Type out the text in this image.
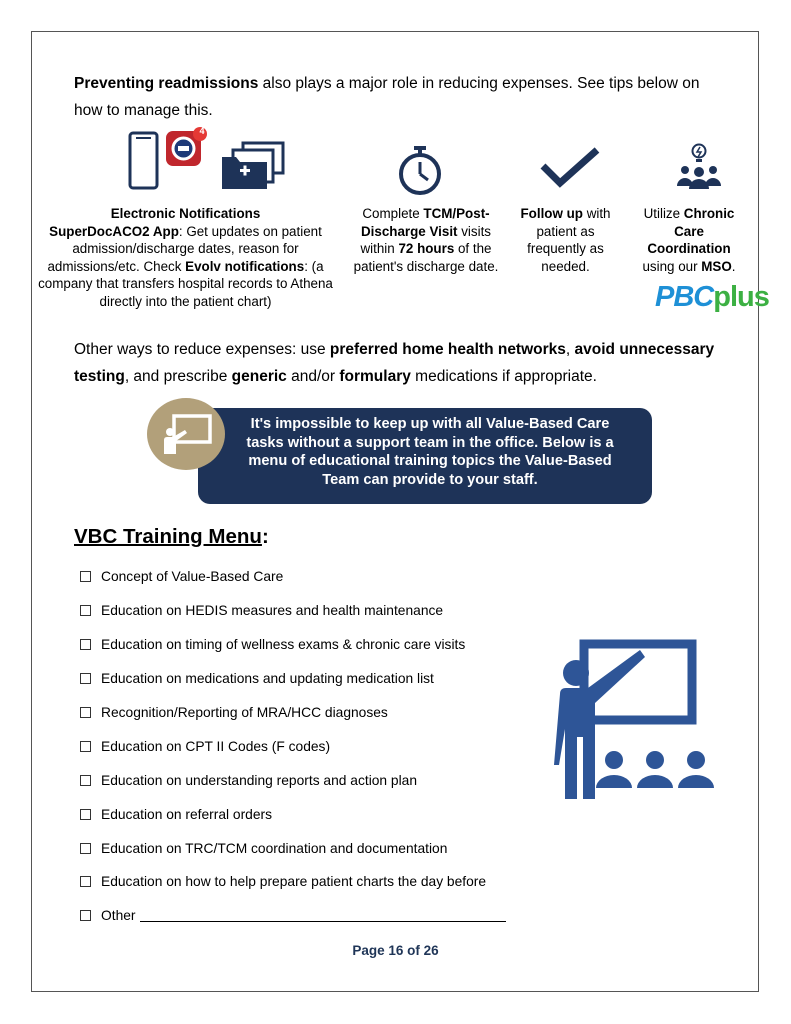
Preventing readmissions also plays a major role in reducing expenses. See tips below on how to manage this.

4
Electronic Notifications
SuperDocACO2 App: Get updates on patient admission/discharge dates, reason for admissions/etc. Check Evolv notifications: (a company that transfers hospital records to Athena directly into the patient chart)
Complete TCM/Post-Discharge Visit visits within 72 hours of the patient's discharge date.
Follow up with patient as frequently as needed.
Utilize Chronic Care Coordination using our MSO.
PBCplus
Other ways to reduce expenses: use preferred home health networks, avoid unnecessary testing, and prescribe generic and/or formulary medications if appropriate.
It's impossible to keep up with all Value-Based Care tasks without a support team in the office. Below is a menu of educational training topics the Value-Based Team can provide to your staff.
VBC Training Menu:
Concept of Value-Based Care
Education on HEDIS measures and health maintenance
Education on timing of wellness exams & chronic care visits
Education on medications and updating medication list
Recognition/Reporting of MRA/HCC diagnoses
Education on CPT II Codes (F codes)
Education on understanding reports and action plan
Education on referral orders
Education on TRC/TCM coordination and documentation
Education on how to help prepare patient charts the day before
Other
Page 16 of 26
